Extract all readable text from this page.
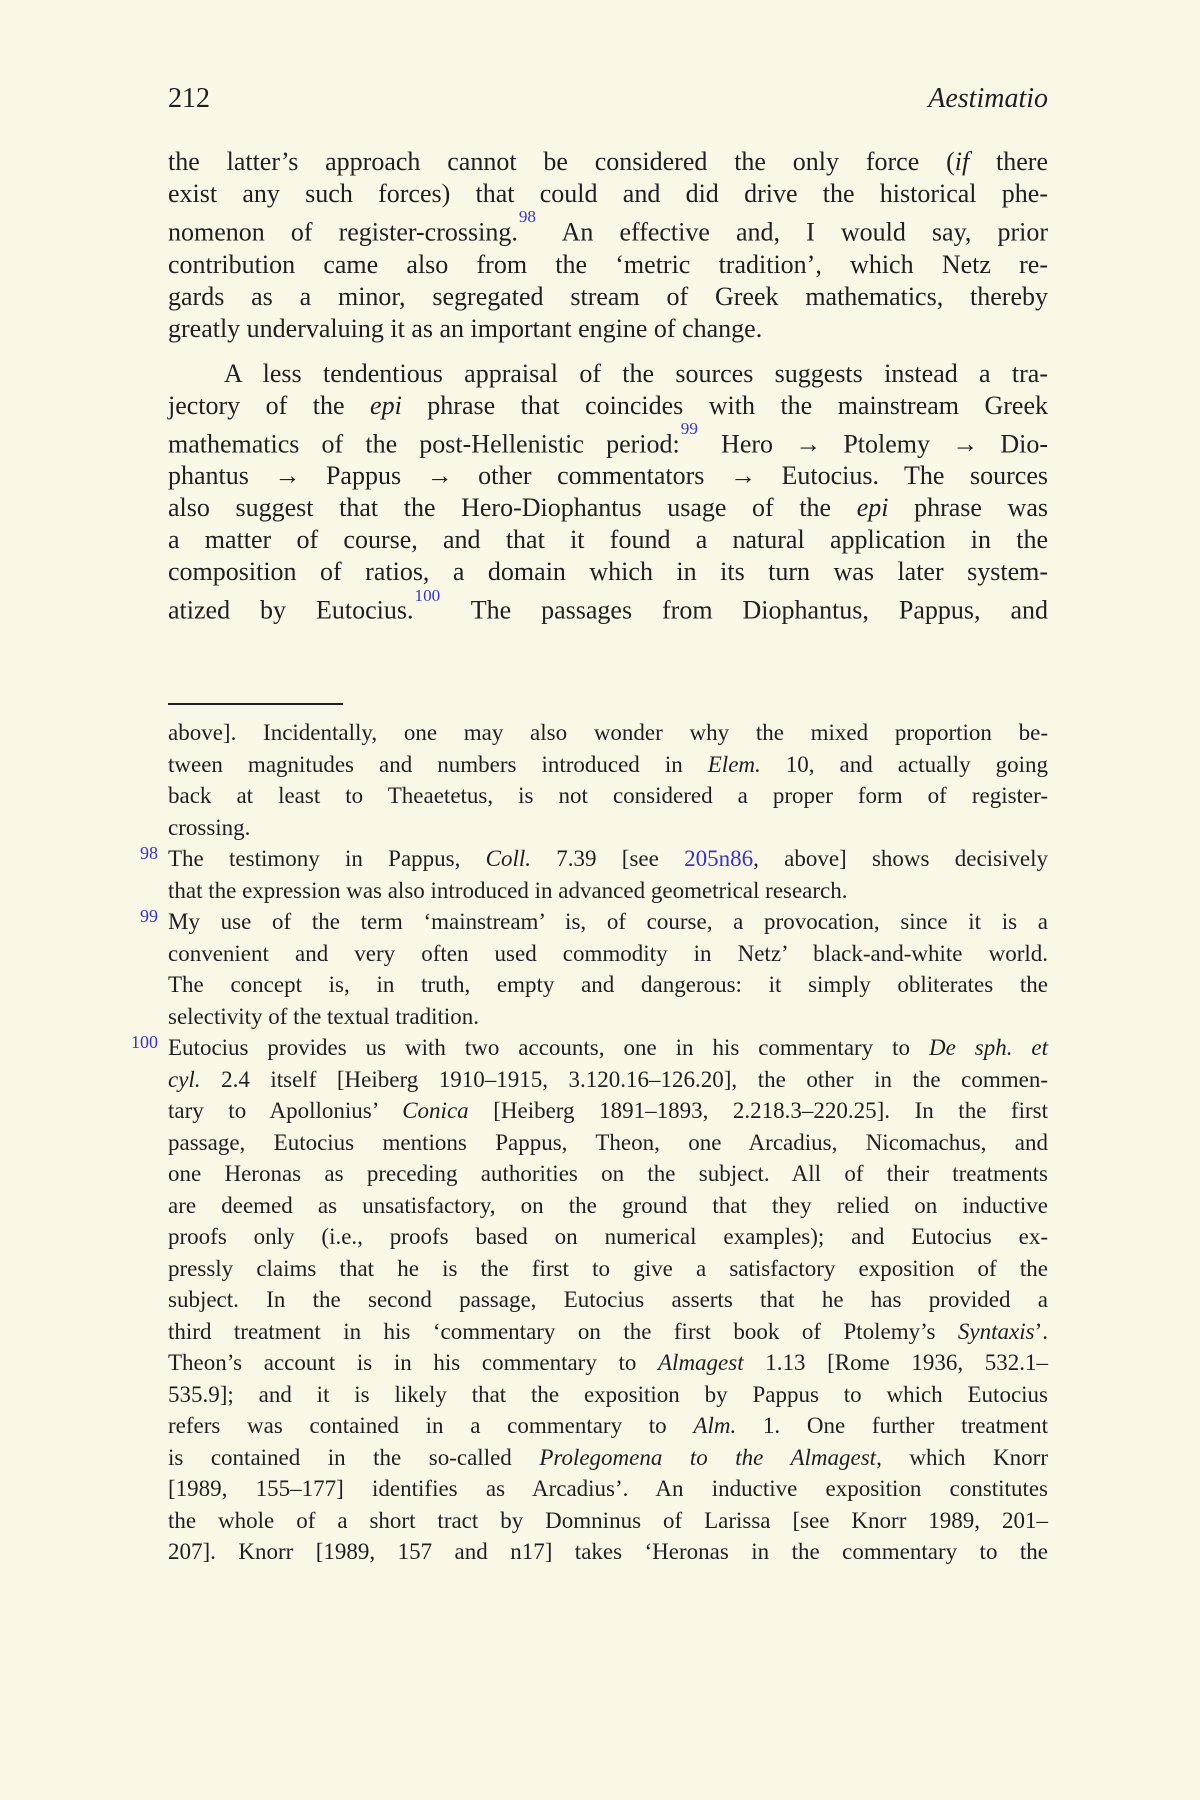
212	Aestimatio
the latter’s approach cannot be considered the only force (if there
exist any such forces) that could and did drive the historical phe-
nomenon of register-crossing.$^{98}$ An effective and, I would say, prior
contribution came also from the ‘metric tradition’, which Netz re-
gards as a minor, segregated stream of Greek mathematics, thereby
greatly undervaluing it as an important engine of change.
A less tendentious appraisal of the sources suggests instead a tra-
jectory of the epi phrase that coincides with the mainstream Greek
mathematics of the post-Hellenistic period:$^{99}$ Hero → Ptolemy → Dio-
phantus → Pappus → other commentators → Eutocius. The sources
also suggest that the Hero-Diophantus usage of the epi phrase was
a matter of course, and that it found a natural application in the
composition of ratios, a domain which in its turn was later system-
atized by Eutocius.$^{100}$ The passages from Diophantus, Pappus, and
above]. Incidentally, one may also wonder why the mixed proportion be-
tween magnitudes and numbers introduced in Elem. 10, and actually going
back at least to Theaetetus, is not considered a proper form of register-
crossing.
98 The testimony in Pappus, Coll. 7.39 [see 205n86, above] shows decisively
that the expression was also introduced in advanced geometrical research.
99 My use of the term ‘mainstream’ is, of course, a provocation, since it is a
convenient and very often used commodity in Netz’ black-and-white world.
The concept is, in truth, empty and dangerous: it simply obliterates the
selectivity of the textual tradition.
100 Eutocius provides us with two accounts, one in his commentary to De sph. et
cyl. 2.4 itself [Heiberg 1910–1915, 3.120.16–126.20], the other in the commen-
tary to Apollonius’ Conica [Heiberg 1891–1893, 2.218.3–220.25]. In the first
passage, Eutocius mentions Pappus, Theon, one Arcadius, Nicomachus, and
one Heronas as preceding authorities on the subject. All of their treatments
are deemed as unsatisfactory, on the ground that they relied on inductive
proofs only (i.e., proofs based on numerical examples); and Eutocius ex-
pressly claims that he is the first to give a satisfactory exposition of the
subject. In the second passage, Eutocius asserts that he has provided a
third treatment in his ‘commentary on the first book of Ptolemy’s Syntaxis’.
Theon’s account is in his commentary to Almagest 1.13 [Rome 1936, 532.1–
535.9]; and it is likely that the exposition by Pappus to which Eutocius
refers was contained in a commentary to Alm. 1. One further treatment
is contained in the so-called Prolegomena to the Almagest, which Knorr
[1989, 155–177] identifies as Arcadius’. An inductive exposition constitutes
the whole of a short tract by Domninus of Larissa [see Knorr 1989, 201–
207]. Knorr [1989, 157 and n17] takes ‘Heronas in the commentary to the
